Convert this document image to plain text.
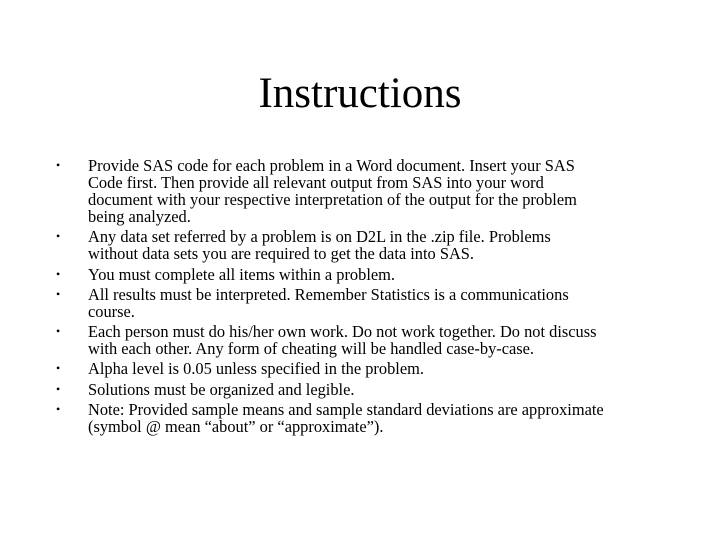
Instructions
•	Provide SAS code for each problem in a Word document. Insert your SAS
Code first. Then provide all relevant output from SAS into your word
document with your respective interpretation of the output for the problem
being analyzed.
•	Any data set referred by a problem is on D2L in the .zip file. Problems
without data sets you are required to get the data into SAS.
•	You must complete all items within a problem.
•	All results must be interpreted. Remember Statistics is a communications
course.
•	Each person must do his/her own work. Do not work together. Do not discuss
with each other. Any form of cheating will be handled case-by-case.
•	Alpha level is 0.05 unless specified in the problem.
•	Solutions must be organized and legible.
•	Note: Provided sample means and sample standard deviations are approximate
(symbol @ mean “about” or “approximate”).
